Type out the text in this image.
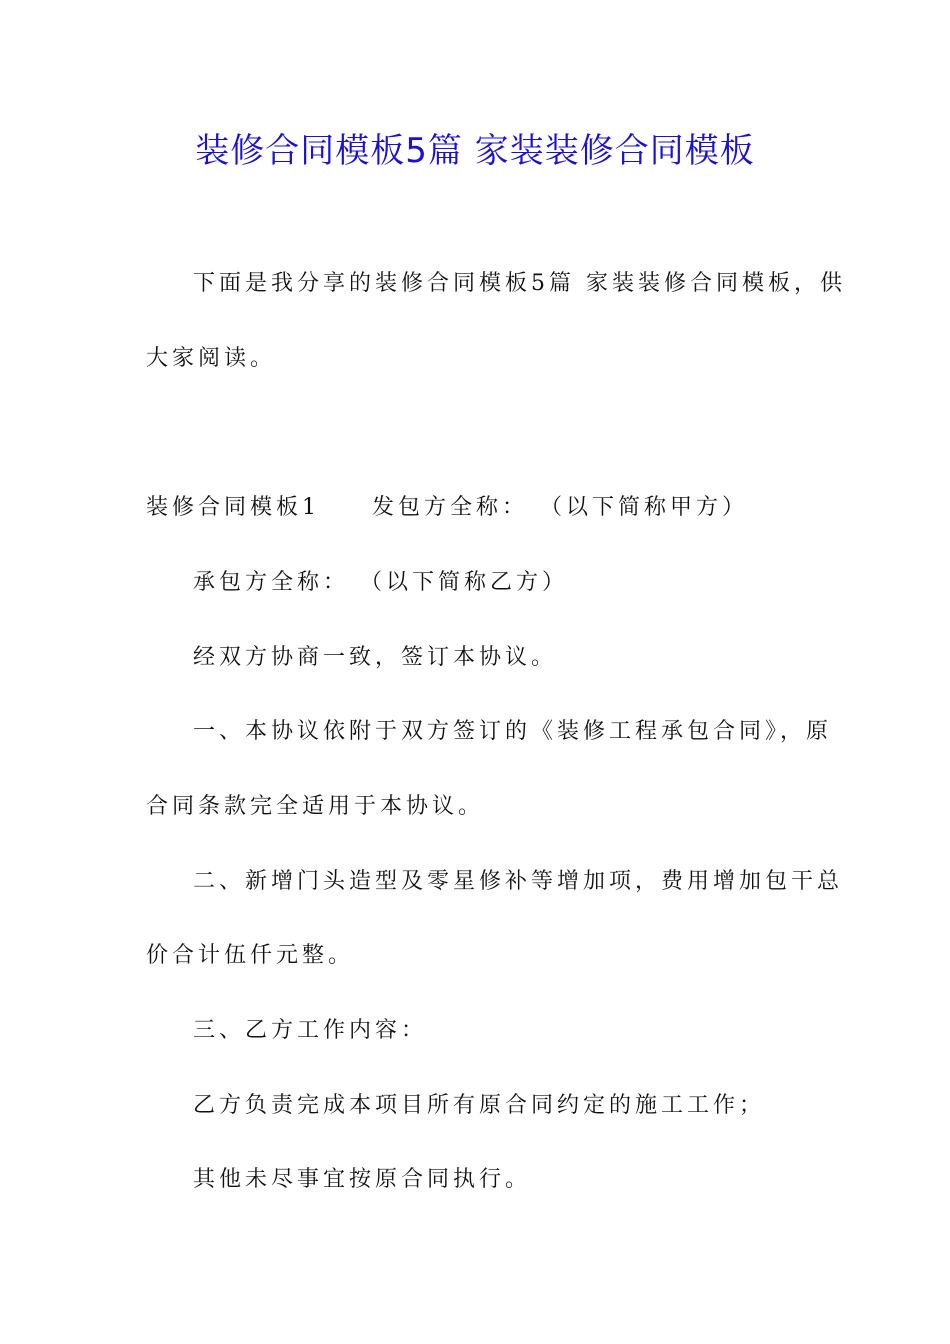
装修合同模板5篇 家装装修合同模板
下面是我分享的装修合同模板5篇 家装装修合同模板，供
大家阅读。
装修合同模板1 发包方全称： （以下简称甲方）
承包方全称： （以下简称乙方）
经双方协商一致，签订本协议。
一、本协议依附于双方签订的《装修工程承包合同》，原
合同条款完全适用于本协议。
二、新增门头造型及零星修补等增加项，费用增加包干总
价合计伍仟元整。
三、乙方工作内容：
乙方负责完成本项目所有原合同约定的施工工作；
其他未尽事宜按原合同执行。
